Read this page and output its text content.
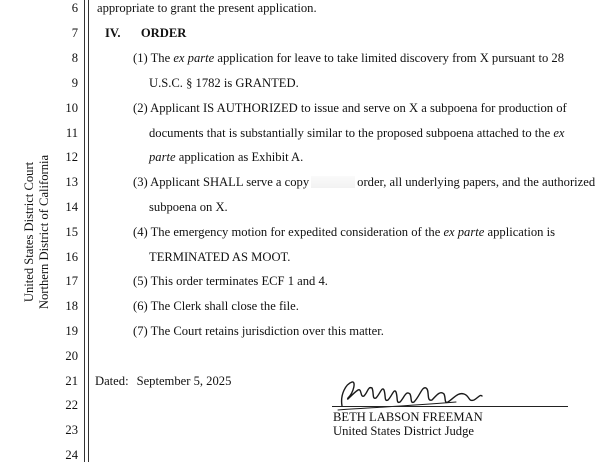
United States District Court Northern District of California
6
7
8
9
10
11
12
13
14
15
16
17
18
19
20
21
22
23
24
appropriate to grant the present application.
IV. ORDER
(1) The ex parte application for leave to take limited discovery from X pursuant to 28
U.S.C. § 1782 is GRANTED.
(2) Applicant IS AUTHORIZED to issue and serve on X a subpoena for production of
documents that is substantially similar to the proposed subpoena attached to the ex
parte application as Exhibit A.
(3) Applicant SHALL serve a copy	order, all underlying papers, and the authorized
subpoena on X.
(4) The emergency motion for expedited consideration of the ex parte application is
TERMINATED AS MOOT.
(5) This order terminates ECF 1 and 4.
(6) The Clerk shall close the file.
(7) The Court retains jurisdiction over this matter.
Dated: September 5, 2025
BETH LABSON FREEMAN
United States District Judge
